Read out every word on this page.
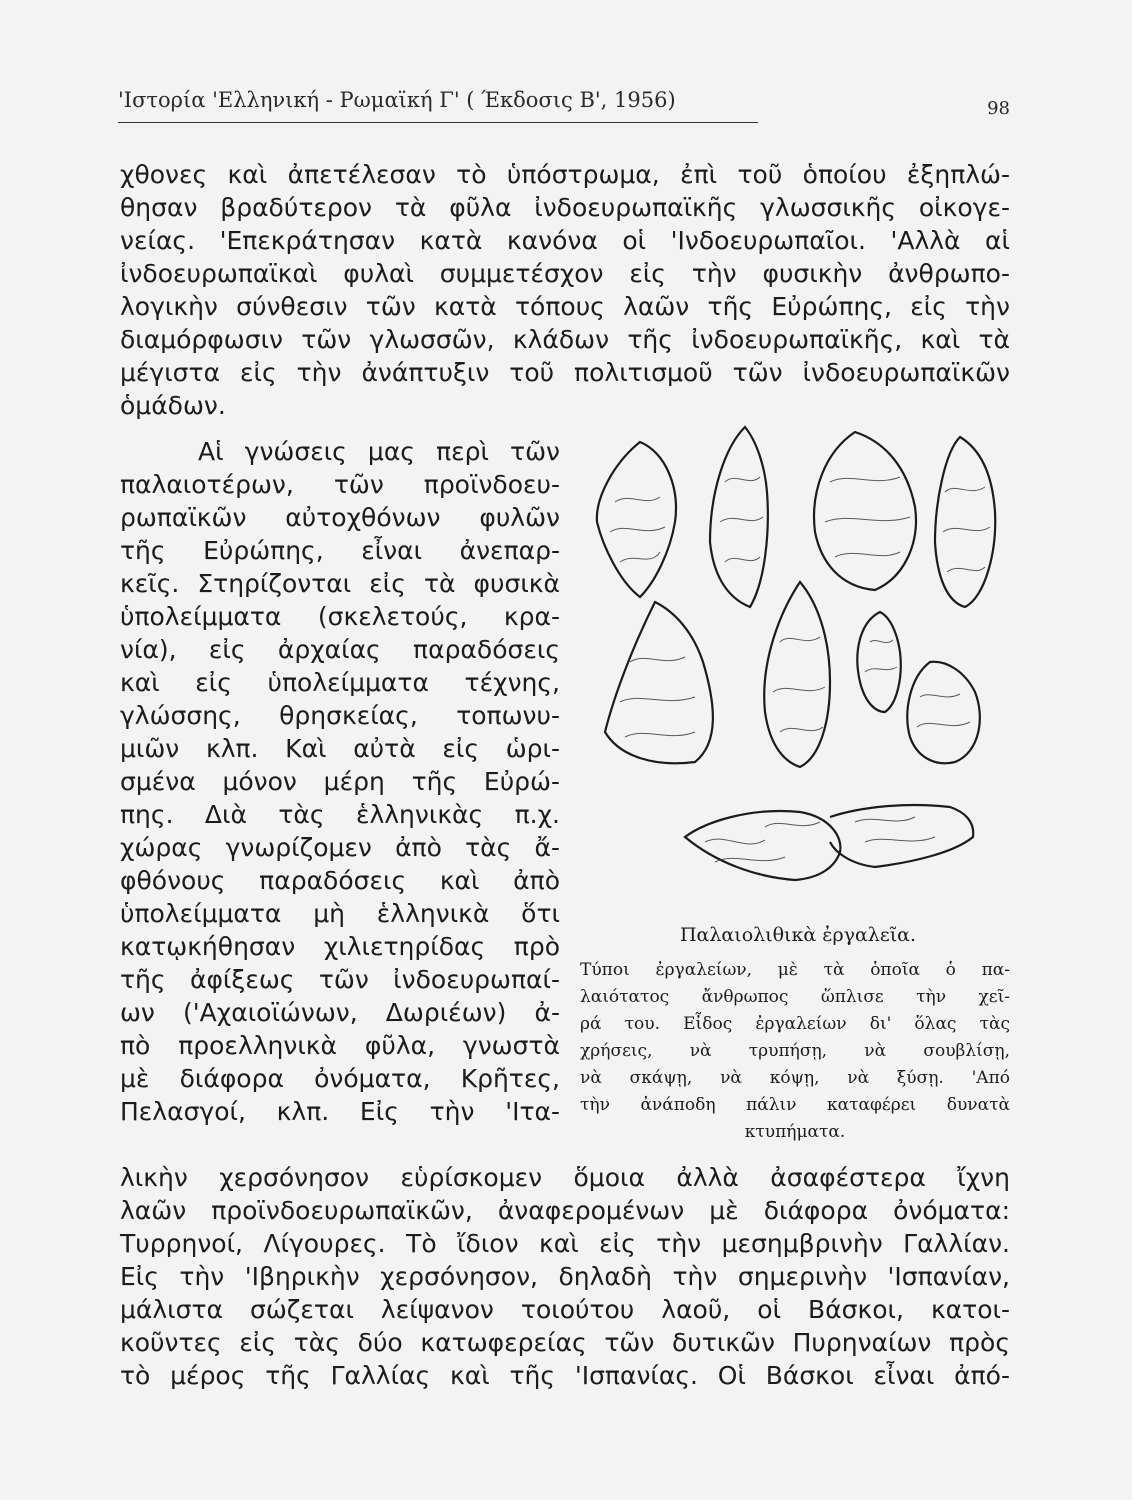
'Ιστορία 'Ελληνική - Ρωμαϊκή Γ' ( Έκδοσις Β', 1956)	98
χθονες καὶ ἀπετέλεσαν τὸ ὑπόστρωμα, ἐπὶ τοῦ ὁποίου ἐξηπλώ-
θησαν βραδύτερον τὰ φῦλα ἰνδοευρωπαϊκῆς γλωσσικῆς οἰκογε-
νείας. 'Επεκράτησαν κατὰ κανόνα οἱ 'Ινδοευρωπαῖοι. 'Αλλὰ αἱ
ἰνδοευρωπαϊκαὶ φυλαὶ συμμετέσχον εἰς τὴν φυσικὴν ἀνθρωπο-
λογικὴν σύνθεσιν τῶν κατὰ τόπους λαῶν τῆς Εὐρώπης, εἰς τὴν
διαμόρφωσιν τῶν γλωσσῶν, κλάδων τῆς ἰνδοευρωπαϊκῆς, καὶ τὰ
μέγιστα εἰς τὴν ἀνάπτυξιν τοῦ πολιτισμοῦ τῶν ἰνδοευρωπαϊκῶν
ὁμάδων.
Αἱ γνώσεις μας περὶ τῶν
παλαιοτέρων, τῶν προϊνδοευ-
ρωπαϊκῶν αὐτοχθόνων φυλῶν
τῆς Εὐρώπης, εἶναι ἀνεπαρ-
κεῖς. Στηρίζονται εἰς τὰ φυσικὰ
ὑπολείμματα (σκελετούς, κρα-
νία), εἰς ἀρχαίας παραδόσεις
καὶ εἰς ὑπολείμματα τέχνης,
γλώσσης, θρησκείας, τοπωνυ-
μιῶν κλπ. Καὶ αὐτὰ εἰς ὡρι-
σμένα μόνον μέρη τῆς Εὐρώ-
πης. Διὰ τὰς ἑλληνικὰς π.χ.
χώρας γνωρίζομεν ἀπὸ τὰς ἄ-
φθόνους παραδόσεις καὶ ἀπὸ
ὑπολείμματα μὴ ἑλληνικὰ ὅτι
κατῳκήθησαν χιλιετηρίδας πρὸ
τῆς ἀφίξεως τῶν ἰνδοευρωπαί-
ων ('Αχαιοϊώνων, Δωριέων) ἀ-
πὸ προελληνικὰ φῦλα, γνωστὰ
μὲ διάφορα ὀνόματα, Κρῆτες,
Πελασγοί, κλπ. Εἰς τὴν 'Ιτα-
Παλαιολιθικὰ ἐργαλεῖα.
Τύποι ἐργαλείων, μὲ τὰ ὁποῖα ὁ πα-
λαιότατος ἄνθρωπος ὥπλισε τὴν χεῖ-
ρά του. Εἶδος ἐργαλείων δι' ὅλας τὰς
χρήσεις, νὰ τρυπήσῃ, νὰ σουβλίσῃ,
νὰ σκάψῃ, νὰ κόψῃ, νὰ ξύσῃ. 'Από
τὴν ἀνάποδη πάλιν καταφέρει δυνατὰ
κτυπήματα.
λικὴν χερσόνησον εὑρίσκομεν ὅμοια ἀλλὰ ἀσαφέστερα ἴχνη
λαῶν προϊνδοευρωπαϊκῶν, ἀναφερομένων μὲ διάφορα ὀνόματα:
Τυρρηνοί, Λίγουρες. Τὸ ἴδιον καὶ εἰς τὴν μεσημβρινὴν Γαλλίαν.
Εἰς τὴν 'Ιβηρικὴν χερσόνησον, δηλαδὴ τὴν σημερινὴν 'Ισπανίαν,
μάλιστα σώζεται λείψανον τοιούτου λαοῦ, οἱ Βάσκοι, κατοι-
κοῦντες εἰς τὰς δύο κατωφερείας τῶν δυτικῶν Πυρηναίων πρὸς
τὸ μέρος τῆς Γαλλίας καὶ τῆς 'Ισπανίας. Οἱ Βάσκοι εἶναι ἀπό-
